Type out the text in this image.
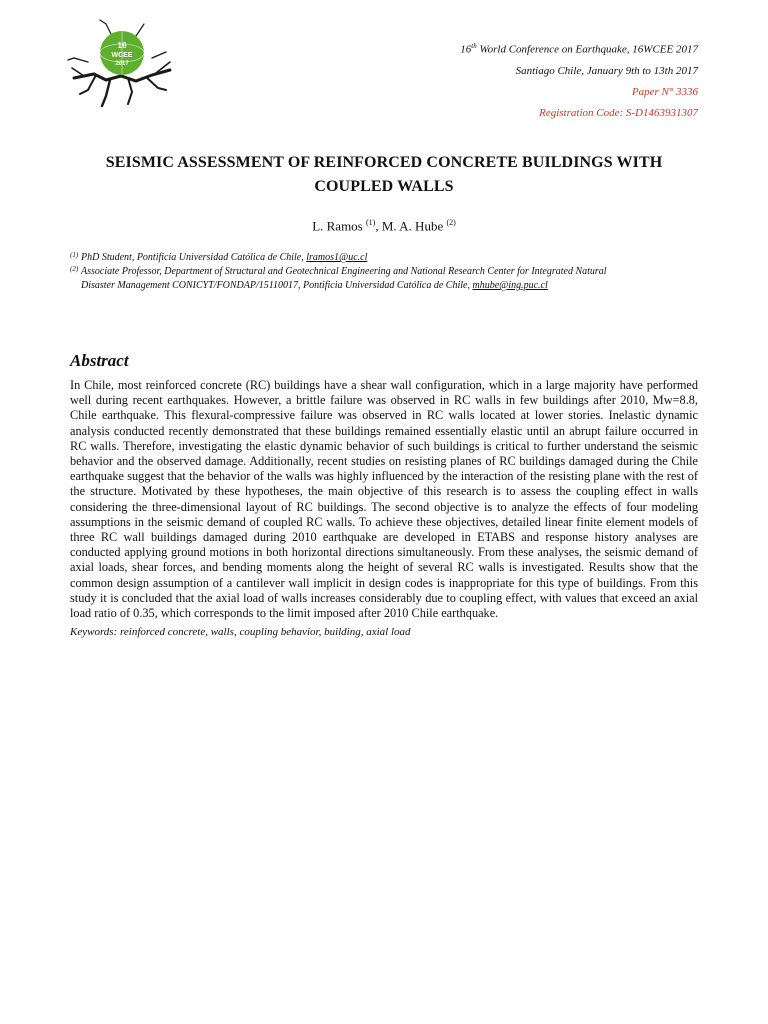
16
WCEE
2017
16th World Conference on Earthquake, 16WCEE 2017
Santiago Chile, January 9th to 13th 2017
Paper N° 3336
Registration Code: S-D1463931307
SEISMIC ASSESSMENT OF REINFORCED CONCRETE BUILDINGS WITH
COUPLED WALLS
L. Ramos $^{(1)}$, M. A. Hube $^{(2)}$
(1) PhD Student, Pontificia Universidad Católica de Chile, lramos1@uc.cl
(2) Associate Professor, Department of Structural and Geotechnical Engineering and National Research Center for Integrated Natural
Disaster Management CONICYT/FONDAP/15110017, Pontificia Universidad Católica de Chile, mhube@ing.puc.cl
Abstract
In Chile, most reinforced concrete (RC) buildings have a shear wall configuration, which in a large majority have performed well during recent earthquakes. However, a brittle failure was observed in RC walls in few buildings after 2010, Mw=8.8, Chile earthquake. This flexural-compressive failure was observed in RC walls located at lower stories. Inelastic dynamic analysis conducted recently demonstrated that these buildings remained essentially elastic until an abrupt failure occurred in RC walls. Therefore, investigating the elastic dynamic behavior of such buildings is critical to further understand the seismic behavior and the observed damage. Additionally, recent studies on resisting planes of RC buildings damaged during the Chile earthquake suggest that the behavior of the walls was highly influenced by the interaction of the resisting plane with the rest of the structure. Motivated by these hypotheses, the main objective of this research is to assess the coupling effect in walls considering the three-dimensional layout of RC buildings. The second objective is to analyze the effects of four modeling assumptions in the seismic demand of coupled RC walls. To achieve these objectives, detailed linear finite element models of three RC wall buildings damaged during 2010 earthquake are developed in ETABS and response history analyses are conducted applying ground motions in both horizontal directions simultaneously. From these analyses, the seismic demand of axial loads, shear forces, and bending moments along the height of several RC walls is investigated. Results show that the common design assumption of a cantilever wall implicit in design codes is inappropriate for this type of buildings. From this study it is concluded that the axial load of walls increases considerably due to coupling effect, with values that exceed an axial load ratio of 0.35, which corresponds to the limit imposed after 2010 Chile earthquake.
Keywords: reinforced concrete, walls, coupling behavior, building, axial load
